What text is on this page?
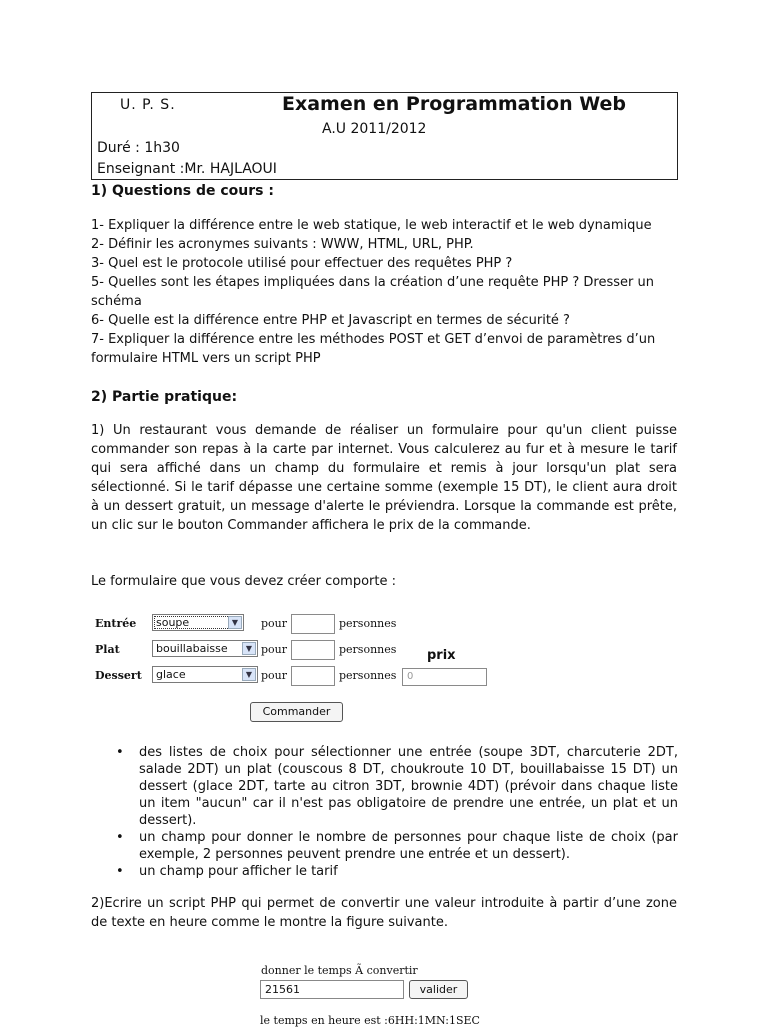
U. P. S.	Examen en Programmation Web
A.U 2011/2012
Duré : 1h30
Enseignant :Mr. HAJLAOUI
1) Questions de cours :

1- Expliquer la différence entre le web statique, le web interactif et le web dynamique

2- Définir les acronymes suivants : WWW, HTML, URL, PHP.

3- Quel est le protocole utilisé pour effectuer des requêtes PHP ?

5- Quelles sont les étapes impliquées dans la création d’une requête PHP ? Dresser un schéma

6- Quelle est la différence entre PHP et Javascript en termes de sécurité ?

7- Expliquer la différence entre les méthodes POST et GET d’envoi de paramètres d’un formulaire HTML vers un script PHP

2) Partie pratique:
1) Un restaurant vous demande de réaliser un formulaire pour qu'un client puisse commander son repas à la carte par internet. Vous calculerez au fur et à mesure le tarif qui sera affiché dans un champ du formulaire et remis à jour lorsqu'un plat sera sélectionné. Si le tarif dépasse une certaine somme (exemple 15 DT), le client aura droit à un dessert gratuit, un message d'alerte le préviendra. Lorsque la commande est prête, un clic sur le bouton Commander affichera le prix de la commande.
Le formulaire que vous devez créer comporte :
Entrée	soupe	▼	pour	personnes
Plat	bouillabaisse	▼ pour	personnes
Dessert	glace	▼ pour	personnes
prix
0
Commander

• des listes de choix pour sélectionner une entrée (soupe 3DT, charcuterie 2DT, salade 2DT) un plat (couscous 8 DT, choukroute 10 DT, bouillabaisse 15 DT) un dessert (glace 2DT, tarte au citron 3DT, brownie 4DT) (prévoir dans chaque liste un item "aucun" car il n'est pas obligatoire de prendre une entrée, un plat et un dessert).

• un champ pour donner le nombre de personnes pour chaque liste de choix (par exemple, 2 personnes peuvent prendre une entrée et un dessert).

• un champ pour afficher le tarif

2)Ecrire un script PHP qui permet de convertir une valeur introduite à partir d’une zone de texte en heure comme le montre la figure suivante.
donner le temps Ã convertir
21561	valider
le temps en heure est :6HH:1MN:1SEC
